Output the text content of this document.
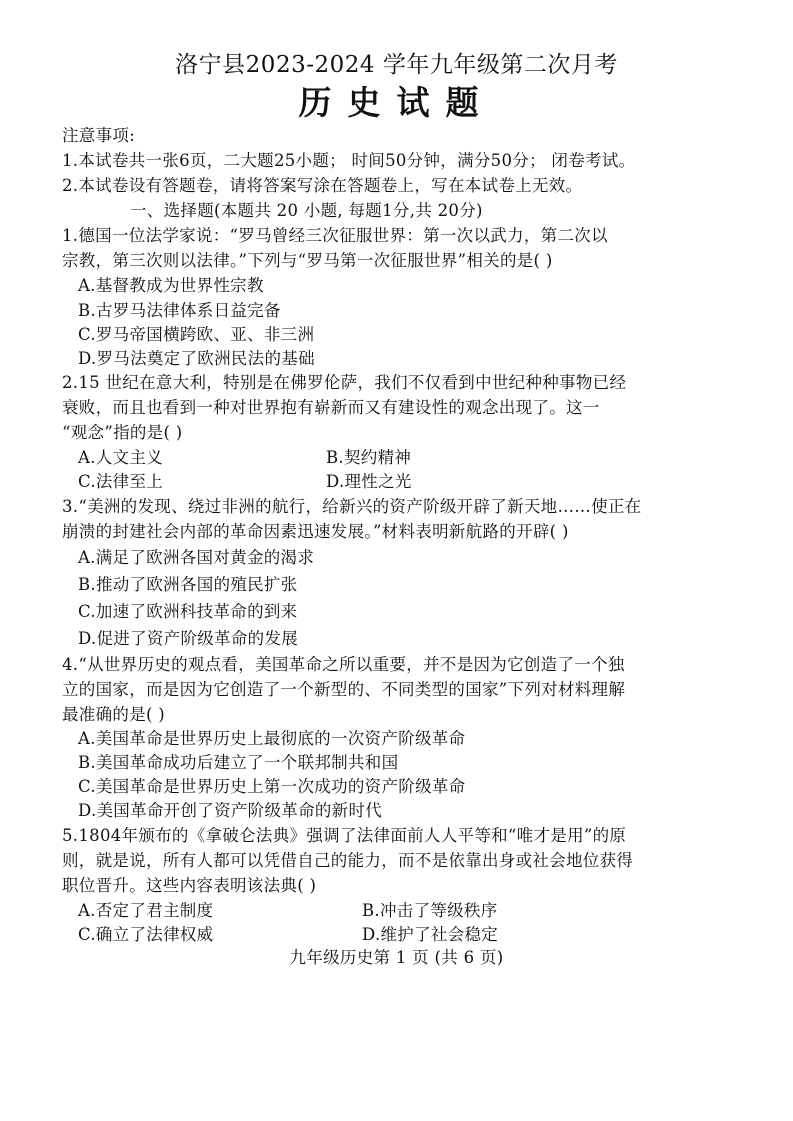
洛宁县2023-2024 学年九年级第二次月考
历史试题
注意事项:
1.本试卷共一张6页，二大题25小题； 时间50分钟，满分50分； 闭卷考试。
2.本试卷设有答题卷，请将答案写涂在答题卷上，写在本试卷上无效。
一、选择题(本题共 20 小题, 每题1分,共 20分)
1.德国一位法学家说：“罗马曾经三次征服世界：第一次以武力，第二次以
宗教，第三次则以法律。”下列与“罗马第一次征服世界”相关的是( )
A.基督教成为世界性宗教
B.古罗马法律体系日益完备
C.罗马帝国横跨欧、亚、非三洲
D.罗马法奠定了欧洲民法的基础
2.15 世纪在意大利，特别是在佛罗伦萨，我们不仅看到中世纪种种事物已经
衰败，而且也看到一种对世界抱有崭新而又有建设性的观念出现了。这一
“观念”指的是( )
A.人文主义	B.契约精神
C.法律至上	D.理性之光
3.“美洲的发现、绕过非洲的航行，给新兴的资产阶级开辟了新天地……使正在
崩溃的封建社会内部的革命因素迅速发展。”材料表明新航路的开辟( )
A.满足了欧洲各国对黄金的渴求
B.推动了欧洲各国的殖民扩张
C.加速了欧洲科技革命的到来
D.促进了资产阶级革命的发展
4.“从世界历史的观点看，美国革命之所以重要，并不是因为它创造了一个独
立的国家，而是因为它创造了一个新型的、不同类型的国家”下列对材料理解
最准确的是( )
A.美国革命是世界历史上最彻底的一次资产阶级革命
B.美国革命成功后建立了一个联邦制共和国
C.美国革命是世界历史上第一次成功的资产阶级革命
D.美国革命开创了资产阶级革命的新时代
5.1804年颁布的《拿破仑法典》强调了法律面前人人平等和“唯才是用”的原
则，就是说，所有人都可以凭借自己的能力，而不是依靠出身或社会地位获得
职位晋升。这些内容表明该法典( )
A.否定了君主制度	B.冲击了等级秩序
C.确立了法律权威	D.维护了社会稳定
九年级历史第 1 页 (共 6 页)
